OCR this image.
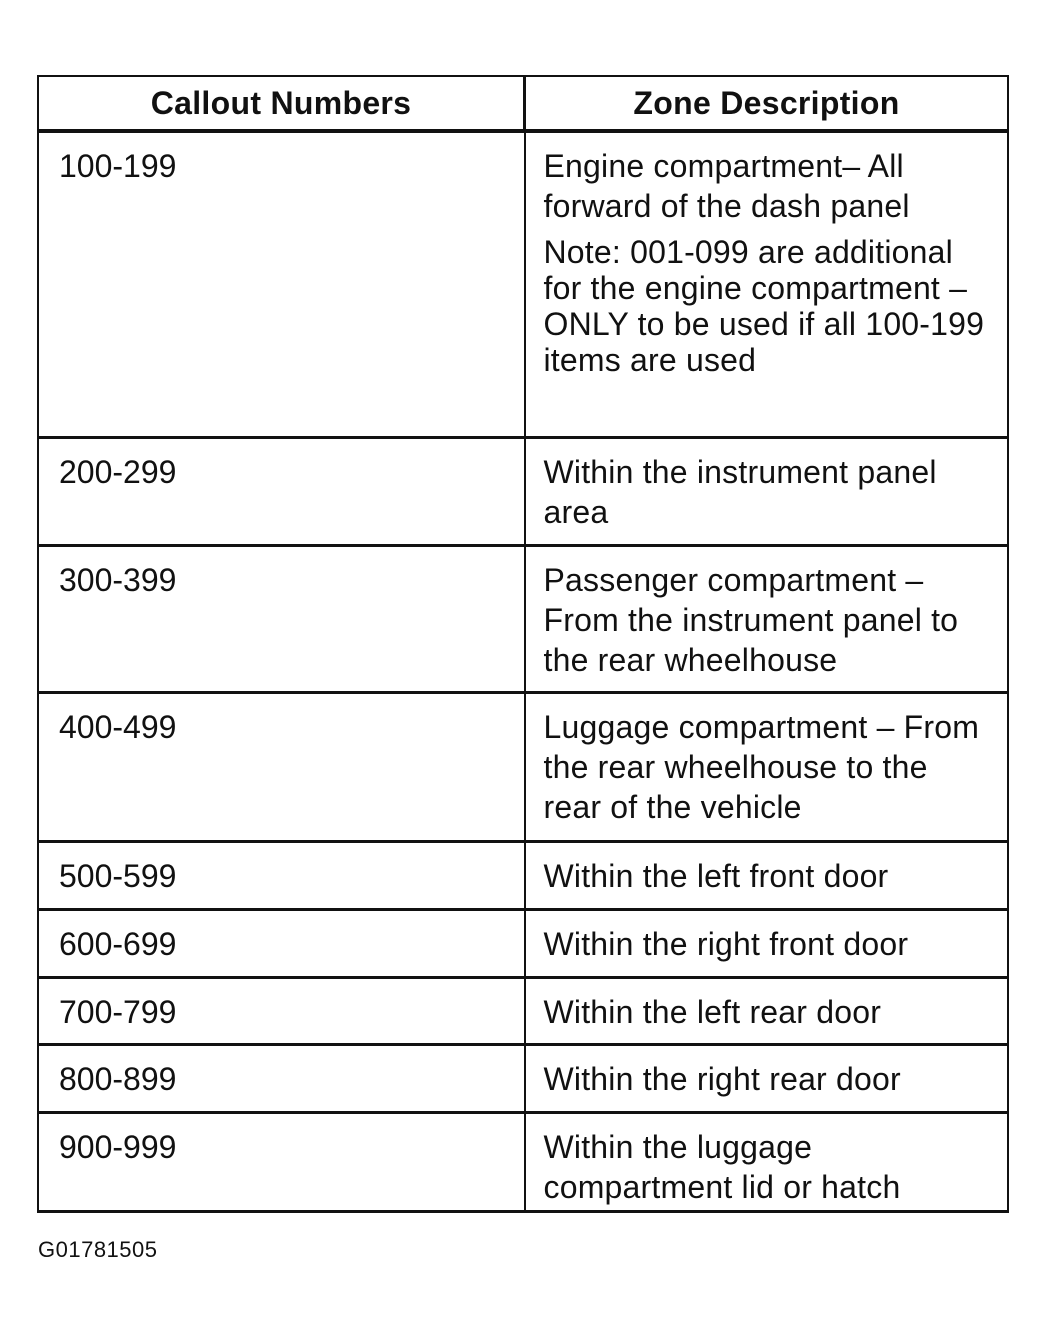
Callout Numbers	Zone Description
100-199	Engine compartment– All forward of the dash panel
Note: 001-099 are additional for the engine compartment – ONLY to be used if all 100-199 items are used

200-299	Within the instrument panel area

300-399	Passenger compartment – From the instrument panel to the rear wheelhouse

400-499	Luggage compartment – From the rear wheelhouse to the rear of the vehicle

500-599	Within the left front door

600-699	Within the right front door

700-799	Within the left rear door

800-899	Within the right rear door

900-999	Within the luggage compartment lid or hatch
G01781505
